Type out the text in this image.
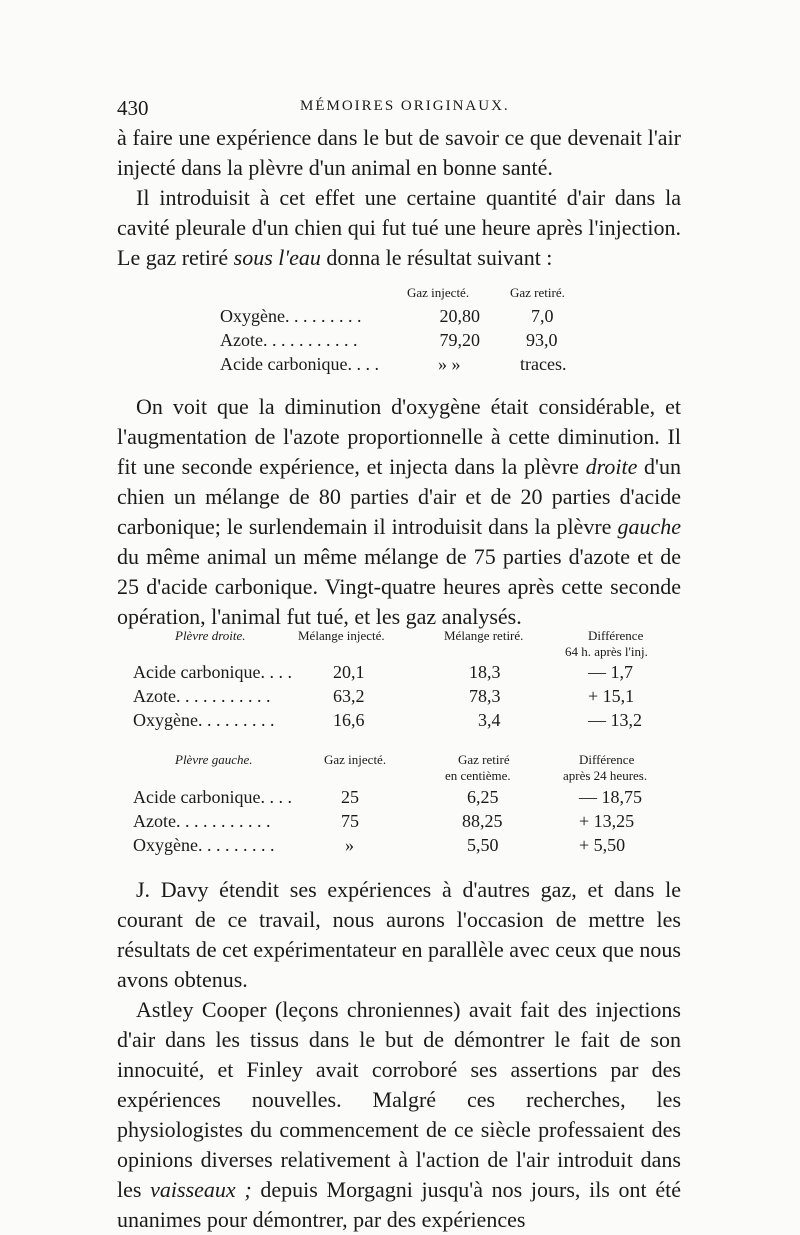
430	MÉMOIRES ORIGINAUX.

à faire une expérience dans le but de savoir ce que devenait l'air injecté dans la plèvre d'un animal en bonne santé.

Il introduisit à cet effet une certaine quantité d'air dans la cavité pleurale d'un chien qui fut tué une heure après l'injection. Le gaz retiré sous l'eau donna le résultat suivant :

Gaz injecté.	Gaz retiré.
Oxygène. . . . . . . . .	20,80	7,0
Azote. . . . . . . . . . .	79,20	93,0
Acide carbonique. . . .	» »	traces.

On voit que la diminution d'oxygène était considérable, et l'augmentation de l'azote proportionnelle à cette diminution. Il fit une seconde expérience, et injecta dans la plèvre droite d'un chien un mélange de 80 parties d'air et de 20 parties d'acide carbonique; le surlendemain il introduisit dans la plèvre gauche du même animal un même mélange de 75 parties d'azote et de 25 d'acide carbonique. Vingt-quatre heures après cette seconde opération, l'animal fut tué, et les gaz analysés.

Plèvre droite.	Mélange injecté.	Mélange retiré.	Différence
64 h. après l'inj.
Acide carbonique. . . . 20,1	18,3	— 1,7
Azote. . . . . . . . . . .	63,2	78,3	+ 15,1
Oxygène. . . . . . . . .	16,6	3,4	— 13,2
Plèvre gauche.	Gaz injecté.	Gaz retiré
en centième.
Différence
après 24 heures.
Acide carbonique. . . .	25	6,25	— 18,75
Azote. . . . . . . . . . .	75	88,25	+ 13,25
Oxygène. . . . . . . . .	»	5,50	+ 5,50

J. Davy étendit ses expériences à d'autres gaz, et dans le courant de ce travail, nous aurons l'occasion de mettre les résultats de cet expérimentateur en parallèle avec ceux que nous avons obtenus.

Astley Cooper (leçons chroniennes) avait fait des injections d'air dans les tissus dans le but de démontrer le fait de son innocuité, et Finley avait corroboré ses assertions par des expériences nouvelles. Malgré ces recherches, les physiologistes du commencement de ce siècle professaient des opinions diverses relativement à l'action de l'air introduit dans les vaisseaux ; depuis Morgagni jusqu'à nos jours, ils ont été unanimes pour démontrer, par des expériences
